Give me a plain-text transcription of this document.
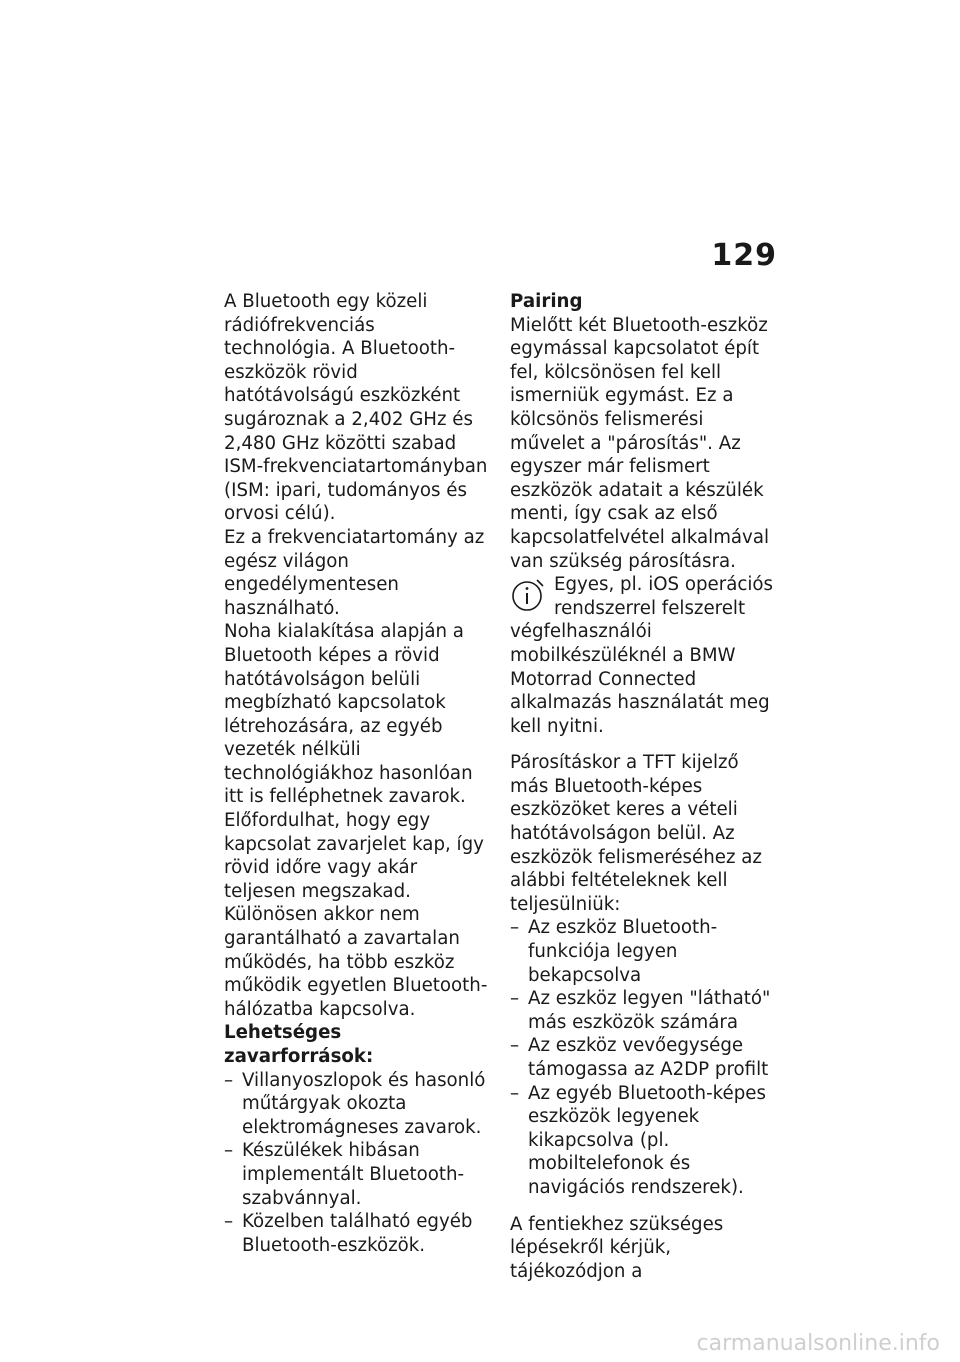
129

A Bluetooth egy közeli rádiófrekvenciás technológia. A Bluetooth-eszközök rövid hatótávolságú eszközként sugároznak a 2,402 GHz és 2,480 GHz közötti szabad ISM-frekvenciatartományban (ISM: ipari, tudományos és orvosi célú).

Ez a frekvenciatartomány az egész világon engedélymentesen használható.

Noha kialakítása alapján a Bluetooth képes a rövid hatótávolságon belüli megbízható kapcsolatok létrehozására, az egyéb vezeték nélküli technológiákhoz hasonlóan itt is felléphetnek zavarok. Előfordulhat, hogy egy kapcsolat zavarjelet kap, így rövid időre vagy akár teljesen megszakad. Különösen akkor nem garantálható a zavartalan működés, ha több eszköz működik egyetlen Bluetooth-hálózatba kapcsolva.

Lehetséges zavarforrások:

– Villanyoszlopok és hasonló műtárgyak okozta elektromágneses zavarok.
– Készülékek hibásan implementált Bluetooth-szabvánnyal.
– Közelben található egyéb Bluetooth-eszközök.

Pairing

Mielőtt két Bluetooth-eszköz egymással kapcsolatot épít fel, kölcsönösen fel kell ismerniük egymást. Ez a kölcsönös felismerési művelet a "párosítás". Az egyszer már felismert eszközök adatait a készülék menti, így csak az első kapcsolatfelvétel alkalmával van szükség párosításra.

Egyes, pl. iOS operációs rendszerrel felszerelt végfelhasználói mobilkészüléknél a BMW Motorrad Connected alkalmazás használatát meg kell nyitni.

Párosításkor a TFT kijelző más Bluetooth-képes eszközöket keres a vételi hatótávolságon belül. Az eszközök felismeréséhez az alábbi feltételeknek kell teljesülniük:

– Az eszköz Bluetooth-funkciója legyen bekapcsolva
– Az eszköz legyen "látható" más eszközök számára
– Az eszköz vevőegysége támogassa az A2DP profilt
– Az egyéb Bluetooth-képes eszközök legyenek kikapcsolva (pl. mobiltelefonok és navigációs rendszerek).

A fentiekhez szükséges lépésekről kérjük, tájékozódjon a

carmanualsonline.info
